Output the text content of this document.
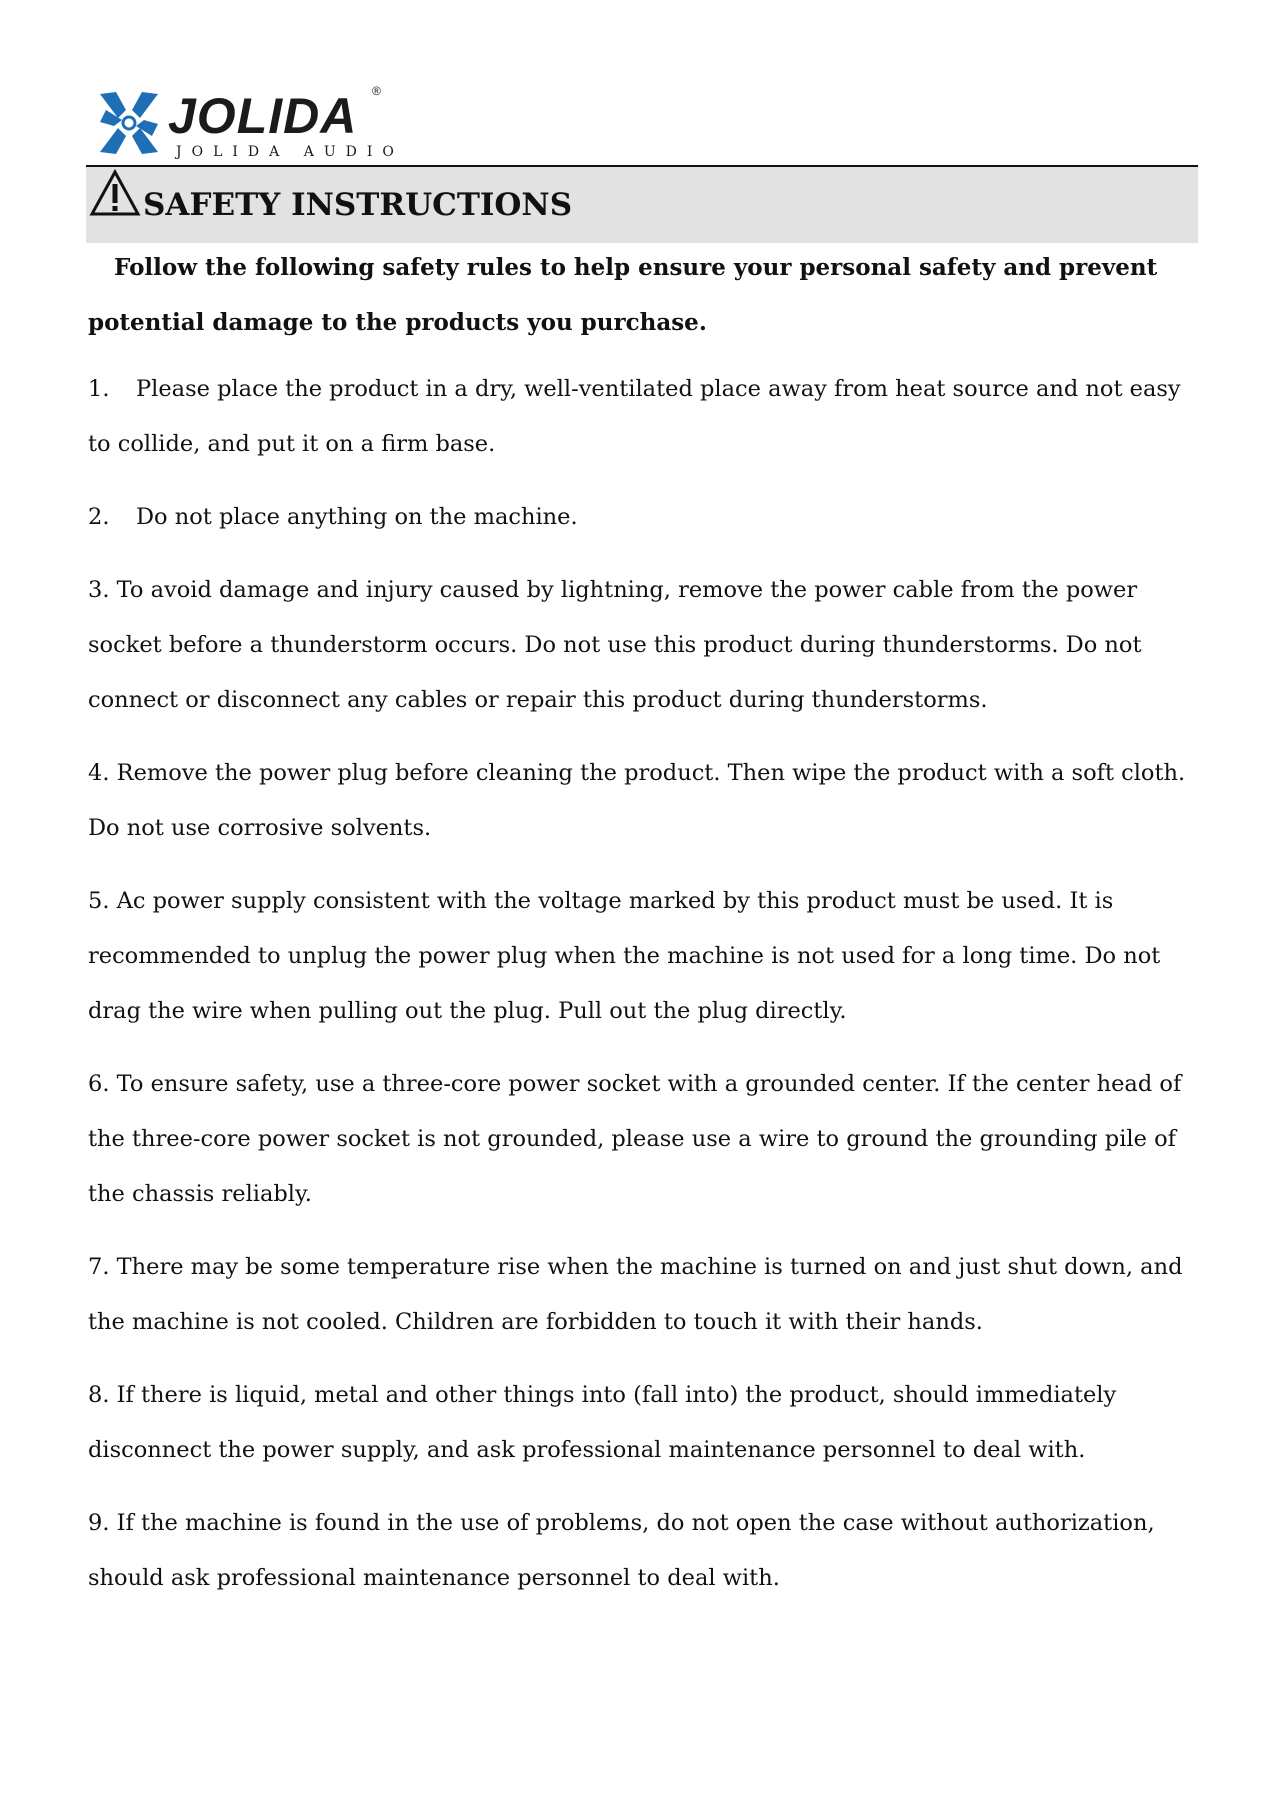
JOLIDA ®
JOLIDA AUDIO
SAFETY INSTRUCTIONS
Follow the following safety rules to help ensure your personal safety and prevent potential damage to the products you purchase.
1. Please place the product in a dry, well-ventilated place away from heat source and not easy to collide, and put it on a firm base.
2. Do not place anything on the machine.
3. To avoid damage and injury caused by lightning, remove the power cable from the power socket before a thunderstorm occurs. Do not use this product during thunderstorms. Do not connect or disconnect any cables or repair this product during thunderstorms.
4. Remove the power plug before cleaning the product. Then wipe the product with a soft cloth. Do not use corrosive solvents.
5. Ac power supply consistent with the voltage marked by this product must be used. It is recommended to unplug the power plug when the machine is not used for a long time. Do not drag the wire when pulling out the plug. Pull out the plug directly.
6. To ensure safety, use a three-core power socket with a grounded center. If the center head of the three-core power socket is not grounded, please use a wire to ground the grounding pile of the chassis reliably.
7. There may be some temperature rise when the machine is turned on and just shut down, and the machine is not cooled. Children are forbidden to touch it with their hands.
8. If there is liquid, metal and other things into (fall into) the product, should immediately disconnect the power supply, and ask professional maintenance personnel to deal with.
9. If the machine is found in the use of problems, do not open the case without authorization, should ask professional maintenance personnel to deal with.
